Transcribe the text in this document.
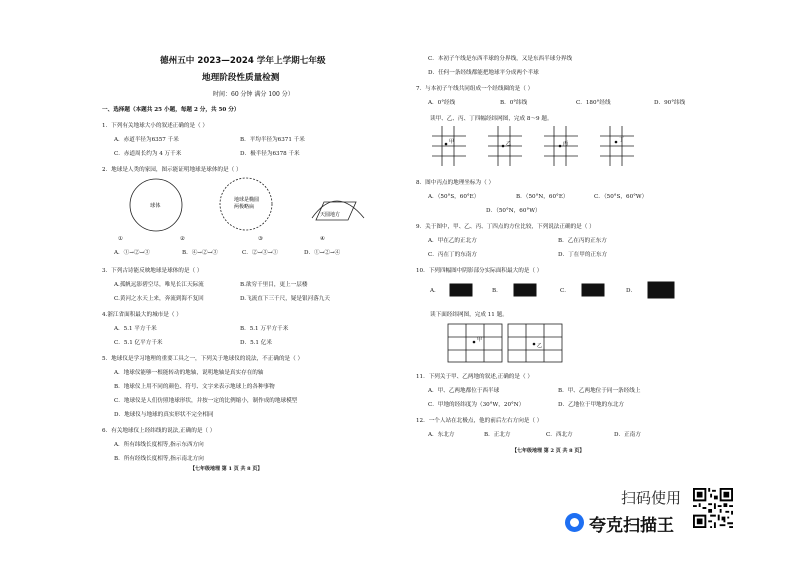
德州五中 2023—2024 学年上学期七年级
地理阶段性质量检测
时间：60 分钟 满分 100 分）
一、选择题（本题共 25 小题，每题 2 分，共 50 分）
1．下列有关地球大小的叙述正确的是（ ）
A．赤道半径为6357 千米	B．平均半径为6371 千米
C．赤道周长约为 4 万千米	D．极半径为6378 千米
2．地球是人类的家园，图示能证明地球是球体的是（ ）
球体
地球是椭圆
两极略扁
天圆地方
①	②	③	④
A．①→②→③	B．④→②→③	C．②→③→①	D．①→②→④
3．下列古诗能反映地球是球体的是（ ）
A.孤帆远影碧空尽，唯见长江天际流	B.欲穷千里目，更上一层楼
C.黄河之水天上来，奔流到海不复回	D.飞流直下三千尺，疑是银河落九天
4.浙江省面积最大的城市是（ ）
A．5.1 平方千米	B．5.1 万平方千米
C．5.1 亿平方千米	D．5.1 亿米
5．地球仪是学习地理的重要工具之一，下列关于地球仪的说法，不正确的是（ ）
A．地球仪能够一根能转动的地轴，说明地轴是真实存在的轴
B．地球仪上用不同的颜色、符号、文字来表示地球上的各种事物
C．地球仪是人们仿照地球形状，并按一定的比例缩小，制作成的地球模型
D．地球仪与地球的真实形状不完全相同
6．有关地球仪上经纬线的说法,正确的是（ ）
A．所有纬线长度相等,指示东西方向
B．所有经线长度相等,指示南北方向
【七年级地理 第 1 页 共 8 页】
C．本初子午线是东西半球的分界线，又是东西半球分界线
D．任何一条经线都能把地球平分成两个半球
7．与本初子午线共同组成一个经线圈的是（ ）
A．0°经线	B．0°纬线	C．180°经线	D．90°纬线
读甲、乙、丙、丁四幅经纬网图，完成 8～9 题。
甲	乙	丙
丁
8．图中丙点的地理坐标为（ ）
A．（50°S，60°E）	B．（50°N，60°E）	C．（50°S，60°W）
D．（50°N，60°W）
9．关于图中，甲、乙、丙、丁四点的方位比较，下列说法正确的是（ ）
A．甲在乙的正北方	B．乙在丙的正东方
C．丙在丁的东南方	D．丁在甲的正东方
10．下列四幅图中阴影部分实际面积最大的是（ ）
A．	B．	C．	D．
读下面经纬网图，完成 11 题。
甲
乙
11．下列关于甲、乙两地的叙述,正确的是（ ）
A．甲、乙两地都位于西半球	B．甲、乙两地位于同一条经线上
C．甲地的经纬度为（30°W，20°N）	D．乙地位于甲地的东北方
12．一个人站在北极点，他的前后左右方向是（ ）
A．东北方	B．正北方	C．西北方	D．正南方
【七年级地理 第 2 页 共 8 页】
扫码使用
夸克扫描王
